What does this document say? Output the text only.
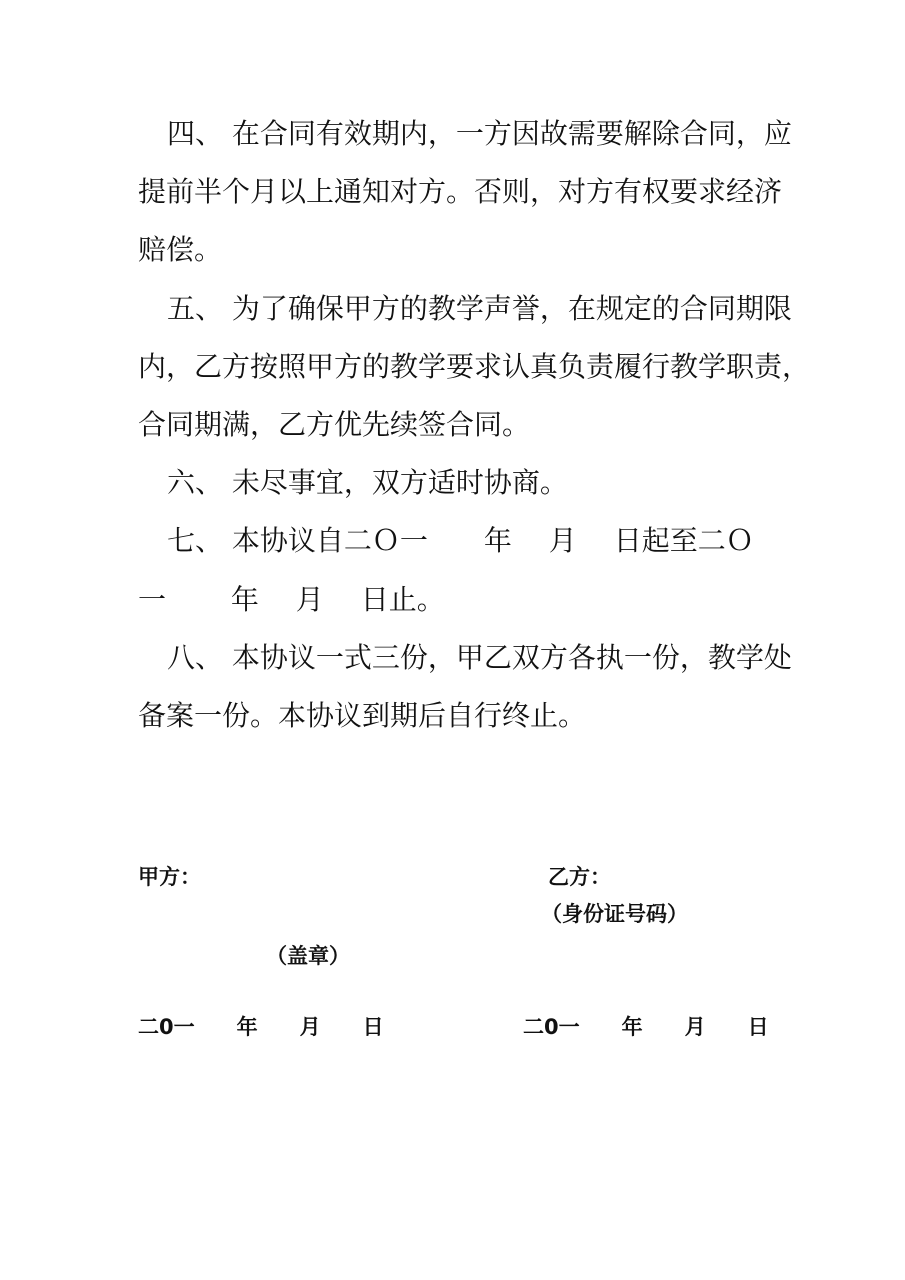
四、 在合同有效期内，一方因故需要解除合同，应
提前半个月以上通知对方。否则，对方有权要求经济
赔偿。
五、 为了确保甲方的教学声誉，在规定的合同期限
内，乙方按照甲方的教学要求认真负责履行教学职责，
合同期满，乙方优先续签合同。
六、 未尽事宜，双方适时协商。
七、 本协议自二Ｏ一　　年　 月　 日起至二Ｏ
一　　 年　 月　 日止。
八、 本协议一式三份，甲乙双方各执一份，教学处
备案一份。本协议到期后自行终止。
甲方：	乙方：
（身份证号码）
（盖章）
二0一　　年　　月　　日	二0一　　年　　月　　日
